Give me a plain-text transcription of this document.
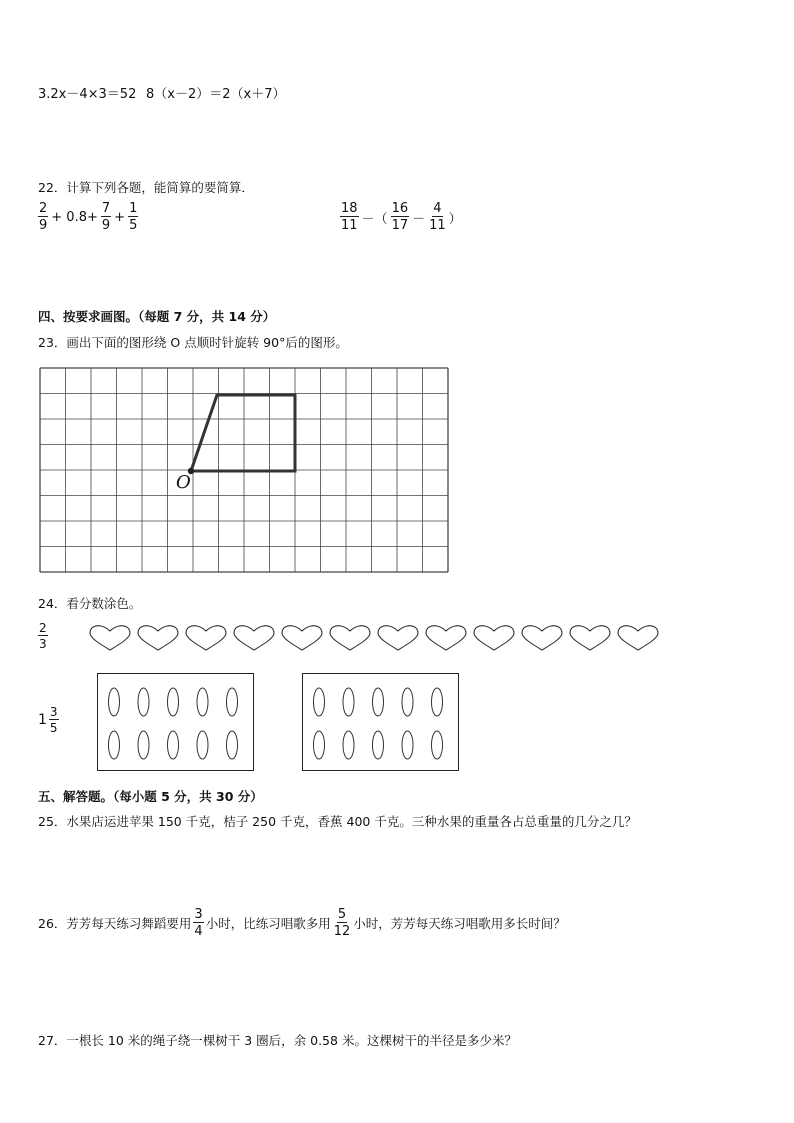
3.2x－4×3＝52 8（x－2）＝2（x＋7）
22．计算下列各题，能简算的要简算．
$\frac{2}{9} + 0.8+ \frac{7}{9} + \frac{1}{5}$	$\frac{18}{11}$ －（ $\frac{16}{17} - \frac{4}{11}$ ）
四、按要求画图。（每题 7 分，共 14 分）
23．画出下面的图形绕 O 点顺时针旋转 90°后的图形。
O
24．看分数涂色。
$\frac{2}{3}$
$1 \frac{3}{5}$
五、解答题。（每小题 5 分，共 30 分）
25．水果店运进苹果 150 千克，桔子 250 千克，香蕉 400 千克。三种水果的重量各占总重量的几分之几？
26．芳芳每天练习舞蹈要用 $\frac{3}{4}$ 小时，比练习唱歌多用 $\frac{5}{12}$ 小时，芳芳每天练习唱歌用多长时间？
27．一根长 10 米的绳子绕一棵树干 3 圈后，余 0.58 米。这棵树干的半径是多少米？
